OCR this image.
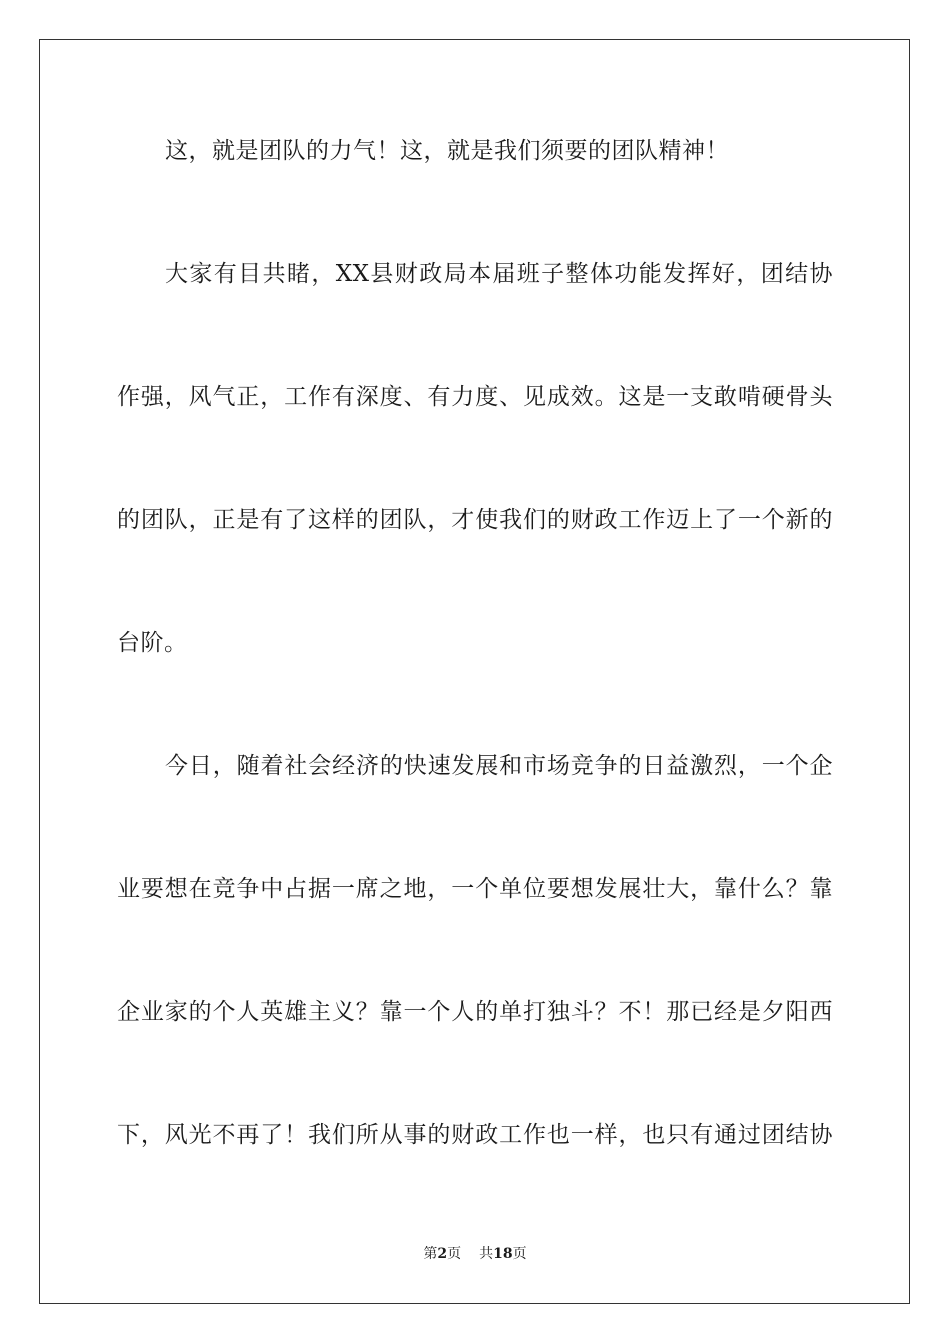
这，就是团队的力气！这，就是我们须要的团队精神！
大家有目共睹，XX县财政局本届班子整体功能发挥好，团结协
作强，风气正，工作有深度、有力度、见成效。这是一支敢啃硬骨头
的团队，正是有了这样的团队，才使我们的财政工作迈上了一个新的
台阶。
今日，随着社会经济的快速发展和市场竞争的日益激烈，一个企
业要想在竞争中占据一席之地，一个单位要想发展壮大，靠什么？靠
企业家的个人英雄主义？靠一个人的单打独斗？不！那已经是夕阳西
下，风光不再了！我们所从事的财政工作也一样，也只有通过团结协
第2页 共18页
